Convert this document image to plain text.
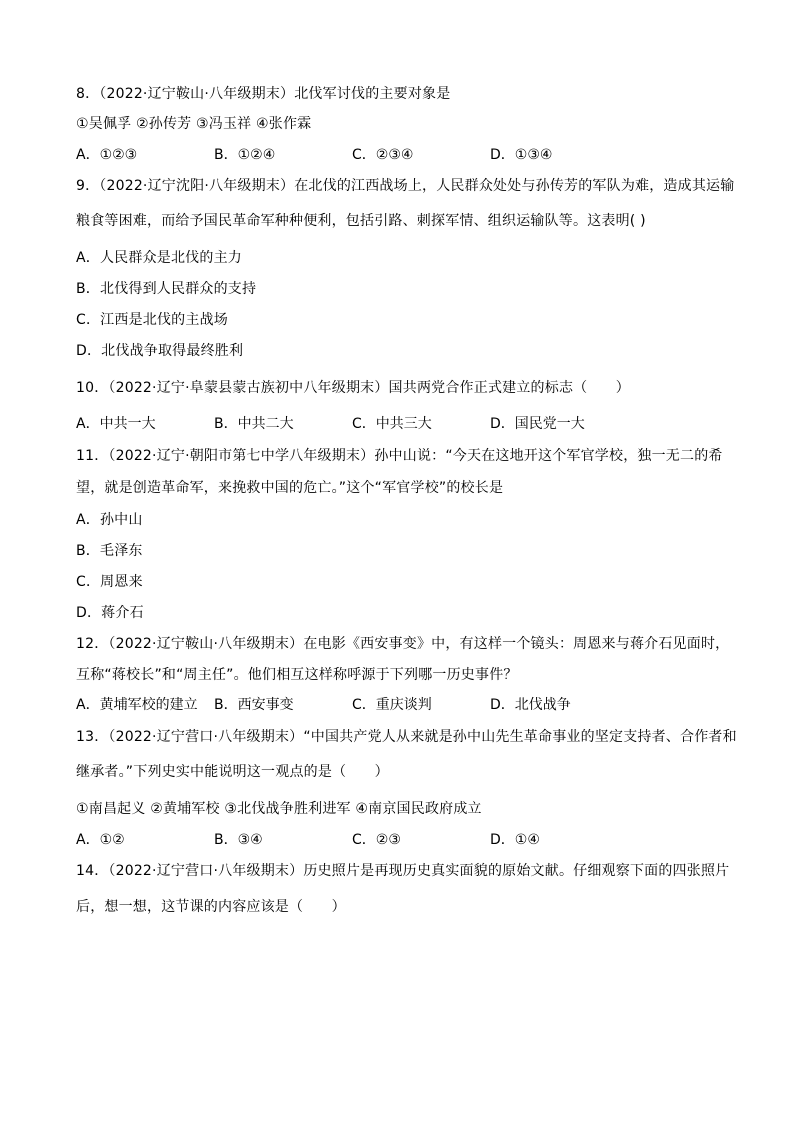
8．（2022·辽宁鞍山·八年级期末）北伐军讨伐的主要对象是
①吴佩孚 ②孙传芳 ③冯玉祥 ④张作霖
A．①②③	B．①②④	C．②③④	D．①③④
9．（2022·辽宁沈阳·八年级期末）在北伐的江西战场上，人民群众处处与孙传芳的军队为难，造成其运输
粮食等困难，而给予国民革命军种种便利，包括引路、刺探军情、组织运输队等。这表明( )
A．人民群众是北伐的主力
B．北伐得到人民群众的支持
C．江西是北伐的主战场
D．北伐战争取得最终胜利
10．（2022·辽宁·阜蒙县蒙古族初中八年级期末）国共两党合作正式建立的标志（　　）
A．中共一大	B．中共二大	C．中共三大	D．国民党一大
11．（2022·辽宁·朝阳市第七中学八年级期末）孙中山说：“今天在这地开这个军官学校，独一无二的希
望，就是创造革命军，来挽救中国的危亡。”这个“军官学校”的校长是
A．孙中山
B．毛泽东
C．周恩来
D．蒋介石
12．（2022·辽宁鞍山·八年级期末）在电影《西安事变》中，有这样一个镜头：周恩来与蒋介石见面时，
互称“蒋校长”和“周主任”。他们相互这样称呼源于下列哪一历史事件？
A．黄埔军校的建立 B．西安事变	C．重庆谈判	D．北伐战争
13．（2022·辽宁营口·八年级期末）“中国共产党人从来就是孙中山先生革命事业的坚定支持者、合作者和
继承者。”下列史实中能说明这一观点的是（　　）
①南昌起义 ②黄埔军校 ③北伐战争胜利进军 ④南京国民政府成立
A．①②	B．③④	C．②③	D．①④
14．（2022·辽宁营口·八年级期末）历史照片是再现历史真实面貌的原始文献。仔细观察下面的四张照片
后，想一想，这节课的内容应该是（　　）
